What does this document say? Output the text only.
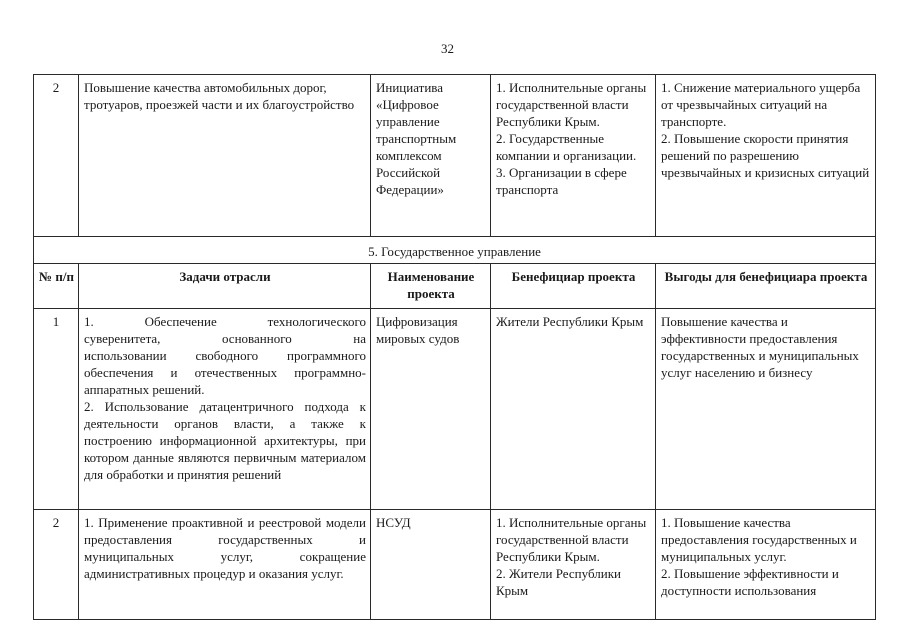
32
2	Повышение качества автомобильных дорог, тротуаров, проезжей части и их благоустройство	Инициатива «Цифровое управление транспортным комплексом Российской Федерации»	1. Исполнительные органы государственной власти Республики Крым.
2. Государственные компании и организации.
3. Организации в сфере транспорта	1. Снижение материального ущерба от чрезвычайных ситуаций на транспорте.
2. Повышение скорости принятия решений по разрешению чрезвычайных и кризисных ситуаций
5. Государственное управление				
№ п/п	Задачи отрасли	Наименование проекта	Бенефициар проекта	Выгоды для бенефициара проекта
1	1. Обеспечение технологического
суверенитета, основанного на
использовании свободного программного обеспечения и отечественных программно-аппаратных решений.
2. Использование датацентричного подхода к деятельности органов власти, а также к построению информационной архитектуры, при котором данные являются первичным материалом для обработки и принятия решений	Цифровизация мировых судов	Жители Республики Крым	Повышение качества и эффективности предоставления государственных и муниципальных услуг населению и бизнесу
2	1. Применение проактивной и реестровой модели предоставления государственных и муниципальных услуг, сокращение административных процедур и оказания услуг.	НСУД	1. Исполнительные органы государственной власти Республики Крым.
2. Жители Республики Крым	1. Повышение качества предоставления государственных и муниципальных услуг.
2. Повышение эффективности и доступности использования
